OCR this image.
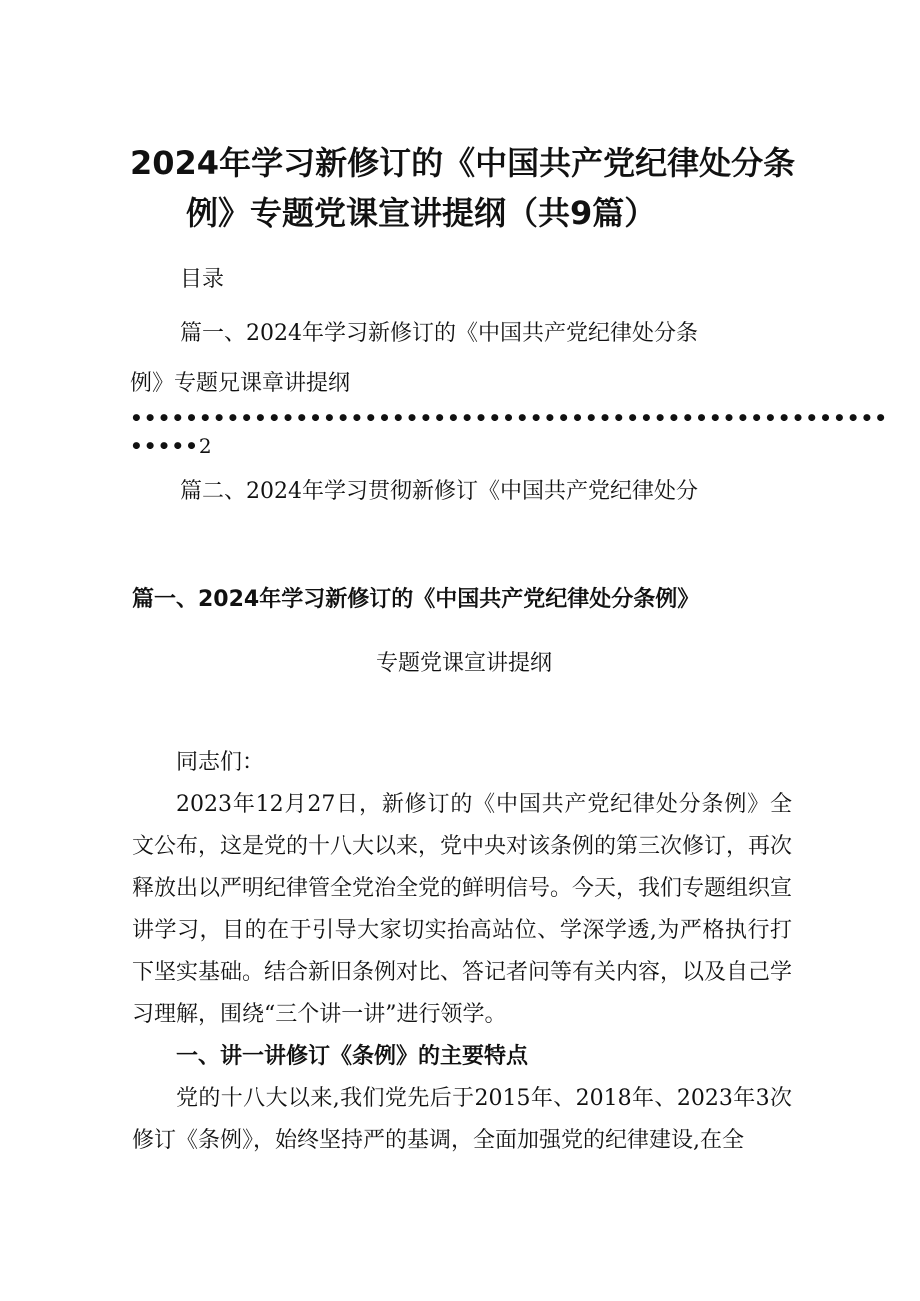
2024年学习新修订的《中国共产党纪律处分条
例》专题党课宣讲提纲（共9篇）
目录
篇一、2024年学习新修订的《中国共产党纪律处分条
例》专题兄课章讲提纲
•••••••••••••••••••••••••••••••••••••••••••••••••••••••
•••••2
篇二、2024年学习贯彻新修订《中国共产党纪律处分
篇一、2024年学习新修订的《中国共产党纪律处分条例》
专题党课宣讲提纲

同志们：

2023年12月27日，新修订的《中国共产党纪律处分条例》全文公布，这是党的十八大以来，党中央对该条例的第三次修订，再次释放出以严明纪律管全党治全党的鲜明信号。今天，我们专题组织宣讲学习，目的在于引导大家切实抬高站位、学深学透,为严格执行打下坚实基础。结合新旧条例对比、答记者问等有关内容，以及自己学习理解，围绕“三个讲一讲”进行领学。

一、讲一讲修订《条例》的主要特点

党的十八大以来,我们党先后于2015年、2018年、2023年3次修订《条例》，始终坚持严的基调，全面加强党的纪律建设,在全
